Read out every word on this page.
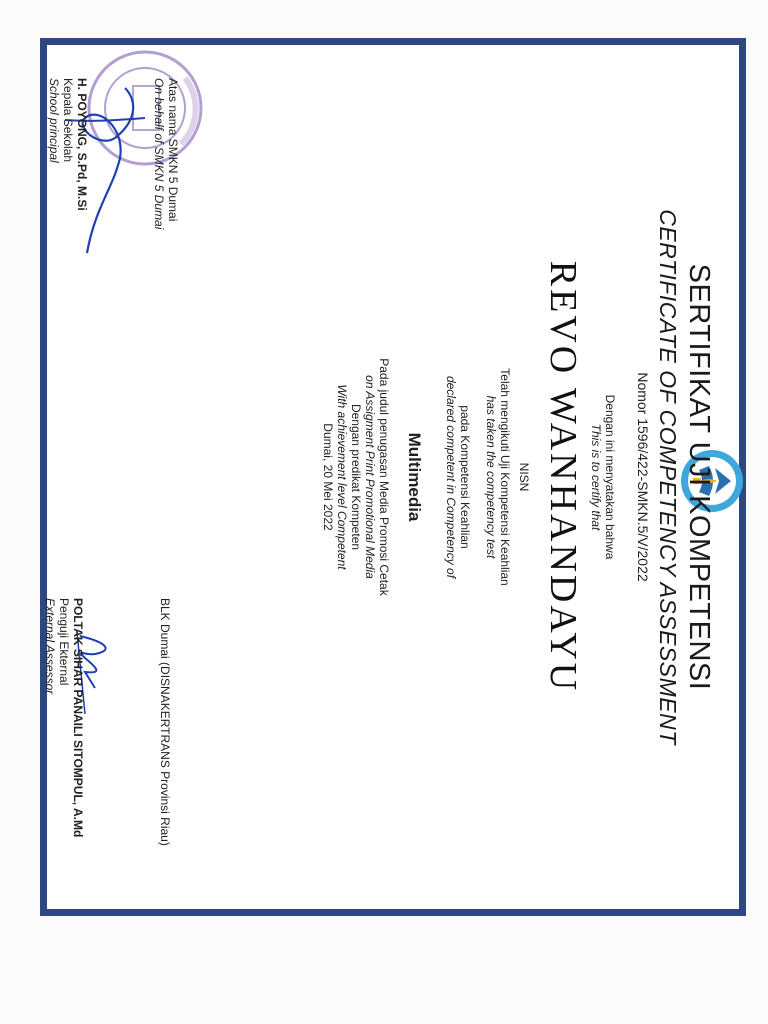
SERTIFIKAT UJI KOMPETENSI
CERTIFICATE OF COMPETENCY ASSESSMENT
Nomor 1596/422-SMKN.5/V/2022
Dengan ini menyatakan bahwa
This is to certify that
REVO WANHANDAYU
NISN
Telah mengikuti Uji Kompetensi Keahlian
has taken the competency test
pada Kompetensi Keahlian
declared competent in Competency of
Multimedia
Pada judul penugasan Media Promosi Cetak
on Assigment Print Promotional Media
Dengan predikat Kompeten
With achievement level Competent
Dumai, 20 Mei 2022
BLK Dumai (DISNAKERTRANS Provinsi Riau)
POLTAK SIHAR PANAILI SITOMPUL, A.Md
Penguji Ekternal
External Assessor
Atas nama SMKN 5 Dumai
On behalf of SMKN 5 Dumai
H. POYONG, S.Pd, M.Si
Kepala Sekolah
School principal
